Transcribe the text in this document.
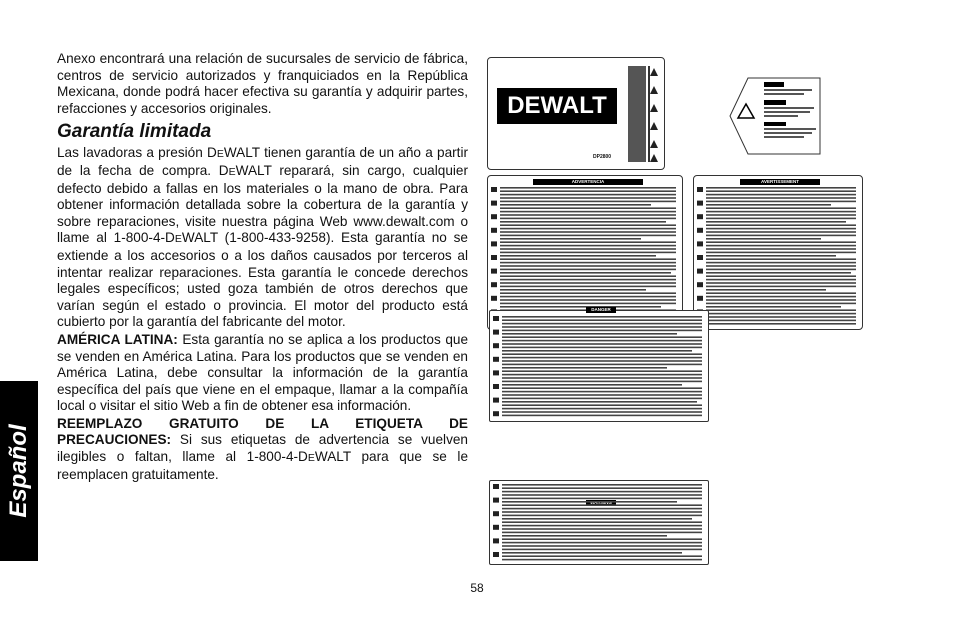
Español

Anexo encontrará una relación de sucursales de servicio de fábrica, centros de servicio autorizados y franquiciados en la República Mexicana, donde podrá hacer efectiva su garantía y adquirir partes, refacciones y accesorios originales.

Garantía limitada

Las lavadoras a presión DEWALT tienen garantía de un año a partir de la fecha de compra. DEWALT reparará, sin cargo, cualquier defecto debido a fallas en los materiales o la mano de obra. Para obtener información detallada sobre la cobertura de la garantía y sobre reparaciones, visite nuestra página Web www.dewalt.com o llame al 1-800-4-DEWALT (1-800-433-9258). Esta garantía no se extiende a los accesorios o a los daños causados por terceros al intentar realizar reparaciones. Esta garantía le concede derechos legales específicos; usted goza también de otros derechos que varían según el estado o provincia. El motor del producto está cubierto por la garantía del fabricante del motor.

AMÉRICA LATINA: Esta garantía no se aplica a los productos que se venden en América Latina. Para los productos que se venden en América Latina, debe consultar la información de la garantía específica del país que viene en el empaque, llamar a la compañía local o visitar el sitio Web a fin de obtener esa información.

REEMPLAZO GRATUITO DE LA ETIQUETA DE PRECAUCIONES: Si sus etiquetas de advertencia se vuelven ilegibles o faltan, llame al 1-800-4-DEWALT para que se le reemplacen gratuitamente.

DEWALT
DP2800
ADVERTENCIA	AVERTISSEMENT
DANGER
58
